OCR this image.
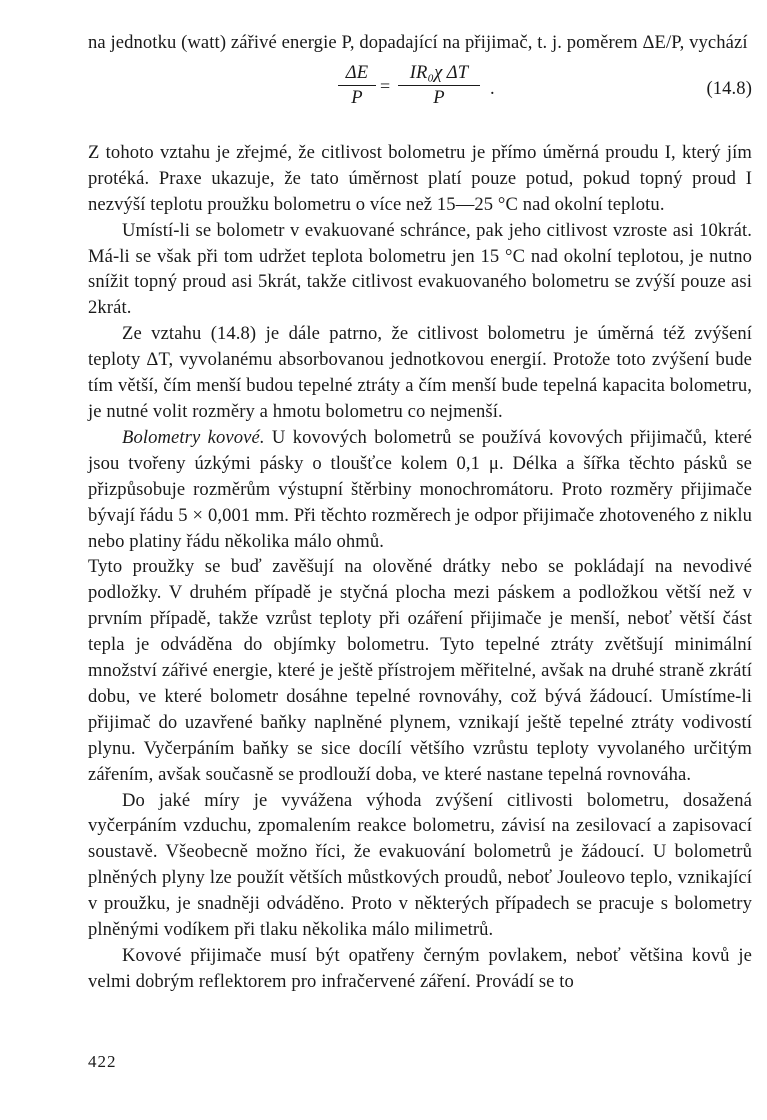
na jednotku (watt) zářivé energie P, dopadající na přijimač, t. j. poměrem ΔE/P, vychází

ΔE
P
=
IR₀χ ΔT
P	.	(14.8)

Z tohoto vztahu je zřejmé, že citlivost bolometru je přímo úměrná proudu I, který jím protéká. Praxe ukazuje, že tato úměrnost platí pouze potud, pokud topný proud I nezvýší teplotu proužku bolometru o více než 15—25 °C nad okolní teplotu.

Umístí-li se bolometr v evakuované schránce, pak jeho citlivost vzroste asi 10krát. Má-li se však při tom udržet teplota bolometru jen 15 °C nad okolní teplotou, je nutno snížit topný proud asi 5krát, takže citlivost evakuovaného bolometru se zvýší pouze asi 2krát.

Ze vztahu (14.8) je dále patrno, že citlivost bolometru je úměrná též zvýšení teploty ΔT, vyvolanému absorbovanou jednotkovou energií. Protože toto zvýšení bude tím větší, čím menší budou tepelné ztráty a čím menší bude tepelná kapacita bolometru, je nutné volit rozměry a hmotu bolometru co nejmenší.

Bolometry kovové. U kovových bolometrů se používá kovových přijimačů, které jsou tvořeny úzkými pásky o tloušťce kolem 0,1 μ. Délka a šířka těchto pásků se přizpůsobuje rozměrům výstupní štěrbiny monochromátoru. Proto rozměry přijimače bývají řádu 5 × 0,001 mm. Při těchto rozměrech je odpor přijimače zhotoveného z niklu nebo platiny řádu několika málo ohmů.

Tyto proužky se buď zavěšují na olověné drátky nebo se pokládají na nevodivé podložky. V druhém případě je styčná plocha mezi páskem a podložkou větší než v prvním případě, takže vzrůst teploty při ozáření přijimače je menší, neboť větší část tepla je odváděna do objímky bolometru. Tyto tepelné ztráty zvětšují minimální množství zářivé energie, které je ještě přístrojem měřitelné, avšak na druhé straně zkrátí dobu, ve které bolometr dosáhne tepelné rovnováhy, což bývá žádoucí. Umístíme-li přijimač do uzavřené baňky naplněné plynem, vznikají ještě tepelné ztráty vodivostí plynu. Vyčerpáním baňky se sice docílí většího vzrůstu teploty vyvolaného určitým zářením, avšak současně se prodlouží doba, ve které nastane tepelná rovnováha.

Do jaké míry je vyvážena výhoda zvýšení citlivosti bolometru, dosažená vyčerpáním vzduchu, zpomalením reakce bolometru, závisí na zesilovací a zapisovací soustavě. Všeobecně možno říci, že evakuování bolometrů je žádoucí. U bolometrů plněných plyny lze použít větších můstkových proudů, neboť Jouleovo teplo, vznikající v proužku, je snadněji odváděno. Proto v některých případech se pracuje s bolometry plněnými vodíkem při tlaku několika málo milimetrů.

Kovové přijimače musí být opatřeny černým povlakem, neboť většina kovů je velmi dobrým reflektorem pro infračervené záření. Provádí se to

422
